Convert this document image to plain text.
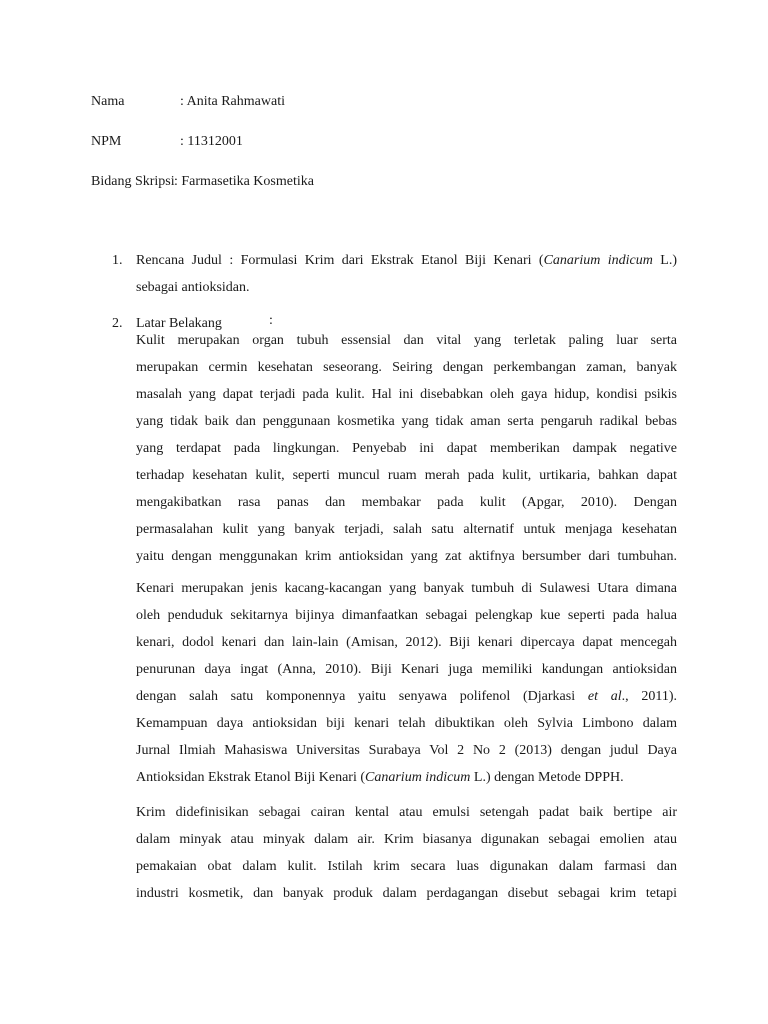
Nama	: Anita Rahmawati
NPM	: 11312001
Bidang Skripsi : Farmasetika Kosmetika
1. Rencana Judul : Formulasi Krim dari Ekstrak Etanol Biji Kenari (Canarium indicum L.)
sebagai antioksidan.
2. Latar Belakang	:
Kulit merupakan organ tubuh essensial dan vital yang terletak paling luar serta
merupakan cermin kesehatan seseorang. Seiring dengan perkembangan zaman, banyak
masalah yang dapat terjadi pada kulit. Hal ini disebabkan oleh gaya hidup, kondisi psikis
yang tidak baik dan penggunaan kosmetika yang tidak aman serta pengaruh radikal bebas
yang terdapat pada lingkungan. Penyebab ini dapat memberikan dampak negative
terhadap kesehatan kulit, seperti muncul ruam merah pada kulit, urtikaria, bahkan dapat
mengakibatkan rasa panas dan membakar pada kulit (Apgar, 2010). Dengan
permasalahan kulit yang banyak terjadi, salah satu alternatif untuk menjaga kesehatan
yaitu dengan menggunakan krim antioksidan yang zat aktifnya bersumber dari tumbuhan.
Kenari merupakan jenis kacang-kacangan yang banyak tumbuh di Sulawesi Utara dimana
oleh penduduk sekitarnya bijinya dimanfaatkan sebagai pelengkap kue seperti pada halua
kenari, dodol kenari dan lain-lain (Amisan, 2012). Biji kenari dipercaya dapat mencegah
penurunan daya ingat (Anna, 2010). Biji Kenari juga memiliki kandungan antioksidan
dengan salah satu komponennya yaitu senyawa polifenol (Djarkasi et al., 2011).
Kemampuan daya antioksidan biji kenari telah dibuktikan oleh Sylvia Limbono dalam
Jurnal Ilmiah Mahasiswa Universitas Surabaya Vol 2 No 2 (2013) dengan judul Daya
Antioksidan Ekstrak Etanol Biji Kenari (Canarium indicum L.) dengan Metode DPPH.
Krim didefinisikan sebagai cairan kental atau emulsi setengah padat baik bertipe air
dalam minyak atau minyak dalam air. Krim biasanya digunakan sebagai emolien atau
pemakaian obat dalam kulit. Istilah krim secara luas digunakan dalam farmasi dan
industri kosmetik, dan banyak produk dalam perdagangan disebut sebagai krim tetapi
